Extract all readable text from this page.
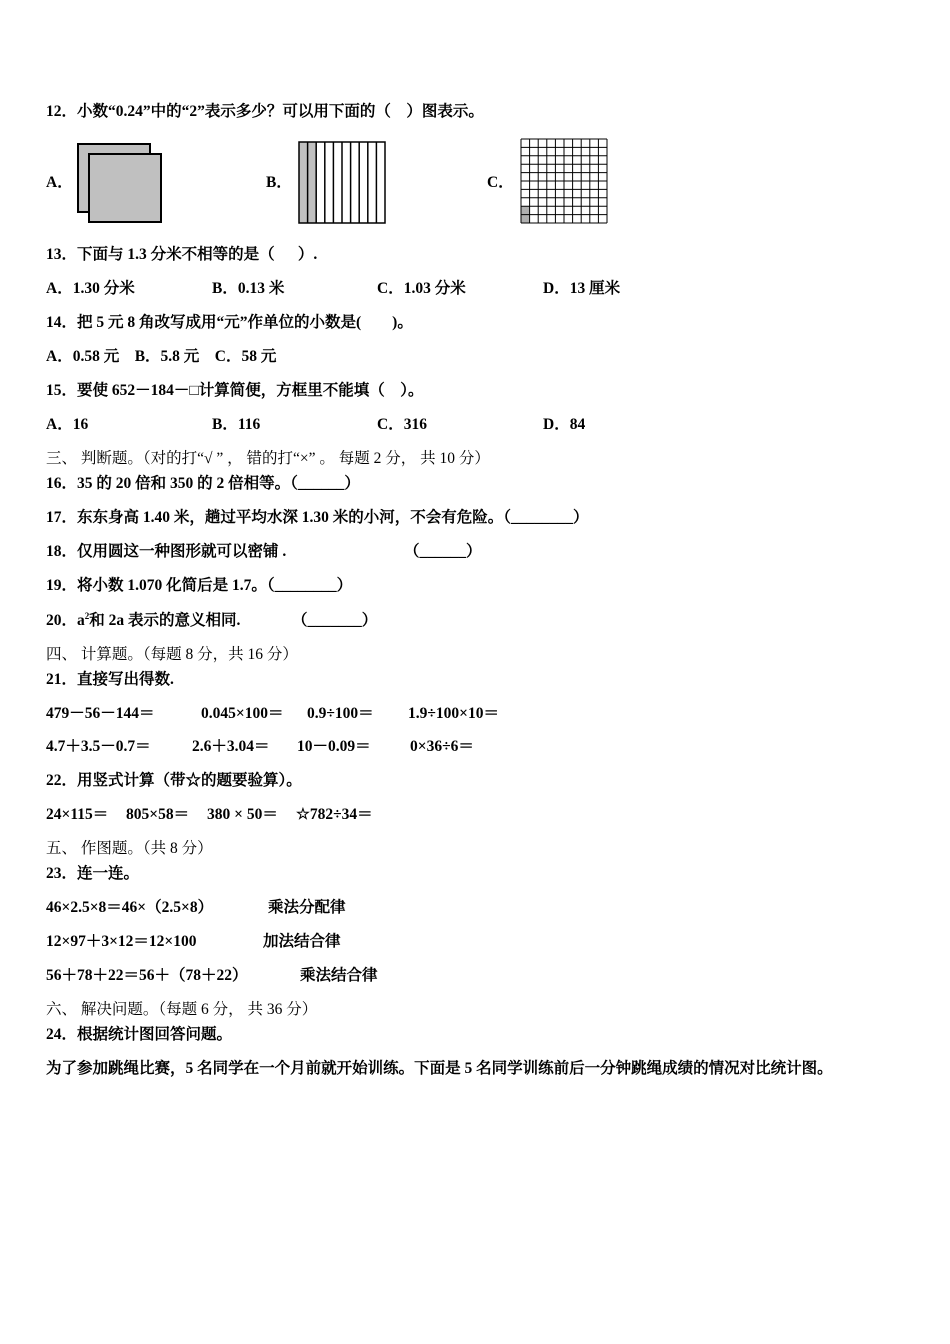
12．小数“0.24”中的“2”表示多少？可以用下面的（　）图表示。
A．	B．	C．
13．下面与 1.3 分米不相等的是（　  ）.
A．1.30 分米	B．0.13 米	C．1.03 分米	D．13 厘米
14．把 5 元 8 角改写成用“元”作单位的小数是(　　)。
A．0.58 元　B．5.8 元　C．58 元
15．要使 652－184－□计算简便，方框里不能填（　）。
A．16	B．116	C．316	D．84
三、 判断题。（对的打“√ ” ， 错的打“×” 。 每题 2 分， 共 10 分）
16．35 的 20 倍和 350 的 2 倍相等。（______）
17．东东身高 1.40 米，趟过平均水深 1.30 米的小河，不会有危险。（________）
18．仅用圆这一种图形就可以密铺 .	（______）
19．将小数 1.070 化简后是 1.7。（________）
20．$a^2$和 2a 表示的意义相同.	（_______）
四、 计算题。（每题 8 分，共 16 分）
21．直接写出得数.
479－56－144＝	0.045×100＝ 0.9÷100＝ 1.9÷100×10＝
4.7＋3.5－0.7＝	2.6＋3.04＝ 10－0.09＝	0×36÷6＝
22．用竖式计算（带☆的题要验算）。
24×115＝ 805×58＝ 380 × 50＝ ☆782÷34＝
五、 作图题。（共 8 分）
23．连一连。
46×2.5×8＝46×（2.5×8）	乘法分配律
12×97＋3×12＝12×100	加法结合律
56＋78＋22＝56＋（78＋22）	乘法结合律
六、 解决问题。（每题 6 分， 共 36 分）
24．根据统计图回答问题。
为了参加跳绳比赛，5 名同学在一个月前就开始训练。下面是 5 名同学训练前后一分钟跳绳成绩的情况对比统计图。
